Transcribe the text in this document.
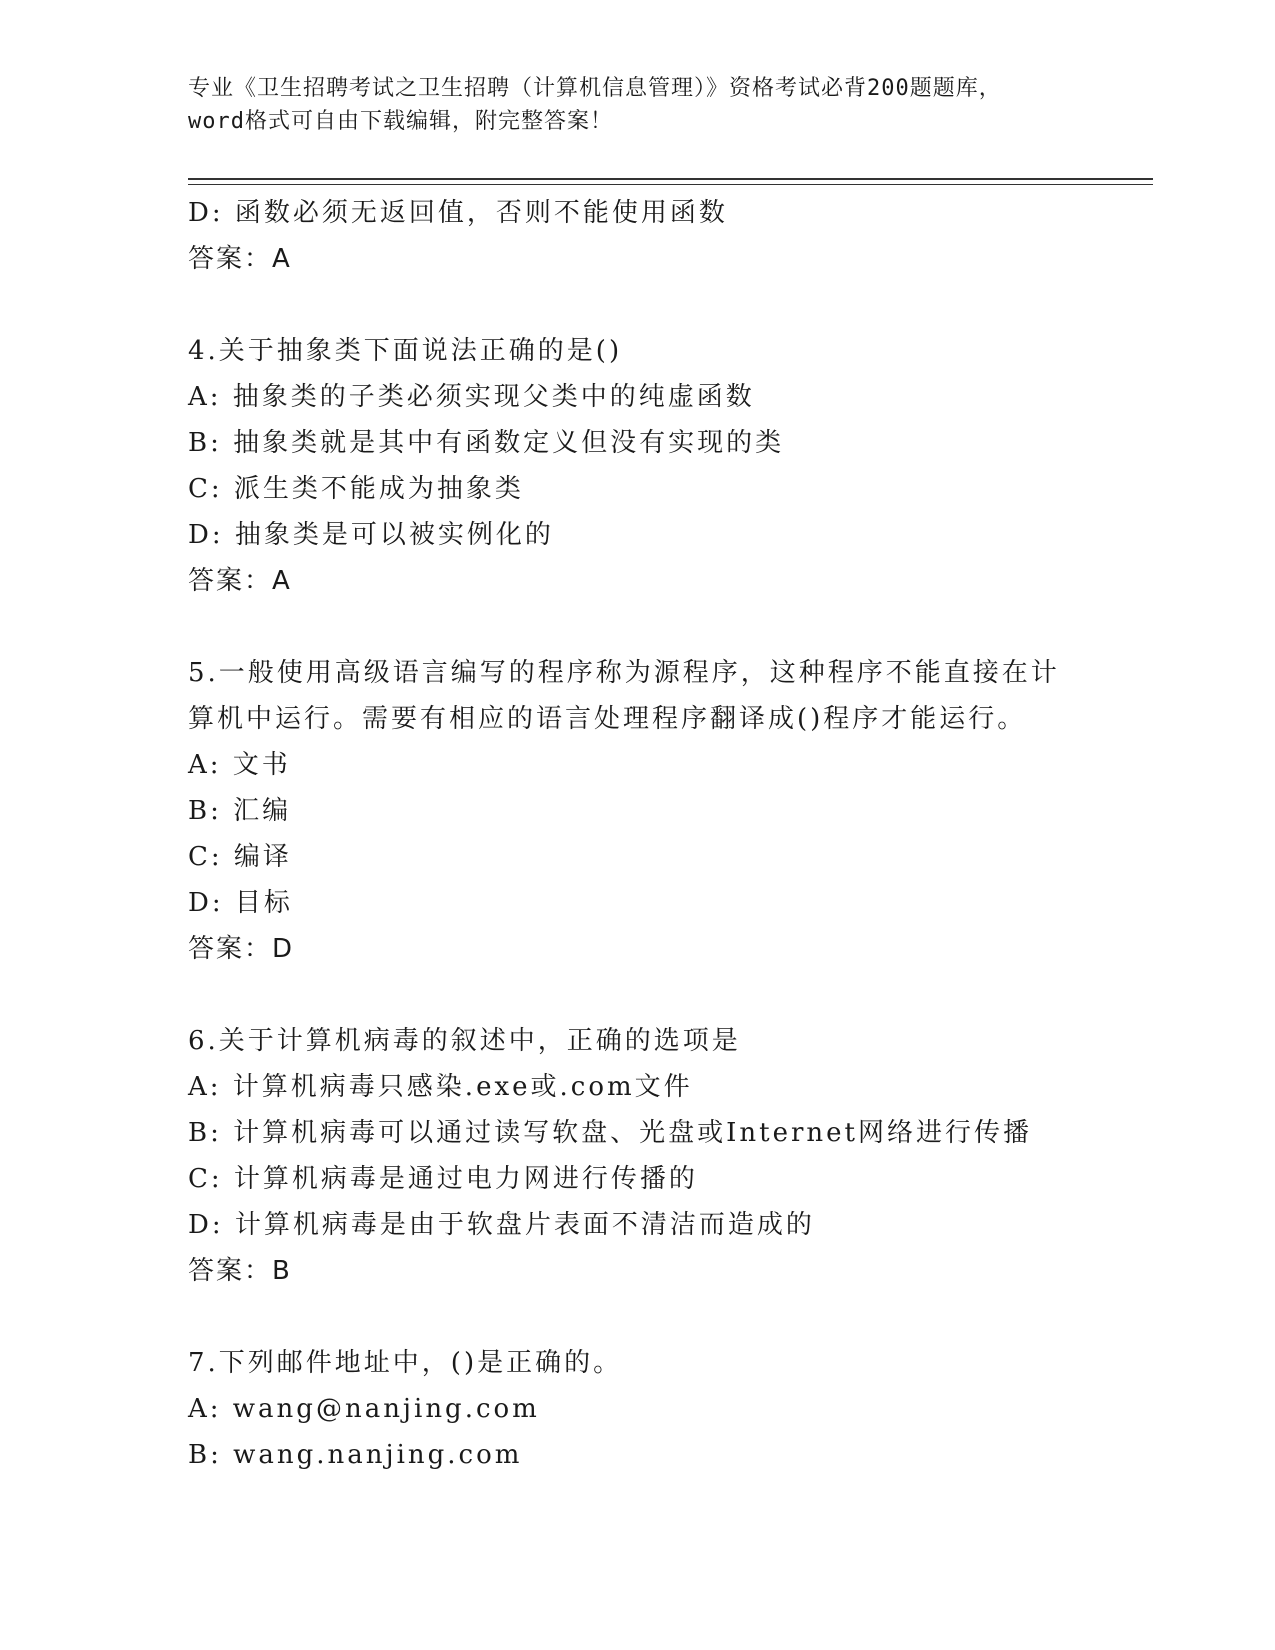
专业《卫生招聘考试之卫生招聘（计算机信息管理）》资格考试必背200题题库，
word格式可自由下载编辑，附完整答案！
D: 函数必须无返回值，否则不能使用函数
答案：A
4.关于抽象类下面说法正确的是()
A: 抽象类的子类必须实现父类中的纯虚函数
B: 抽象类就是其中有函数定义但没有实现的类
C: 派生类不能成为抽象类
D: 抽象类是可以被实例化的
答案：A
5.一般使用高级语言编写的程序称为源程序，这种程序不能直接在计
算机中运行。需要有相应的语言处理程序翻译成()程序才能运行。
A: 文书
B: 汇编
C: 编译
D: 目标
答案：D
6.关于计算机病毒的叙述中，正确的选项是
A: 计算机病毒只感染.exe或.com文件
B: 计算机病毒可以通过读写软盘、光盘或Internet网络进行传播
C: 计算机病毒是通过电力网进行传播的
D: 计算机病毒是由于软盘片表面不清洁而造成的
答案：B
7.下列邮件地址中，()是正确的。
A: wang@nanjing.com
B: wang.nanjing.com
